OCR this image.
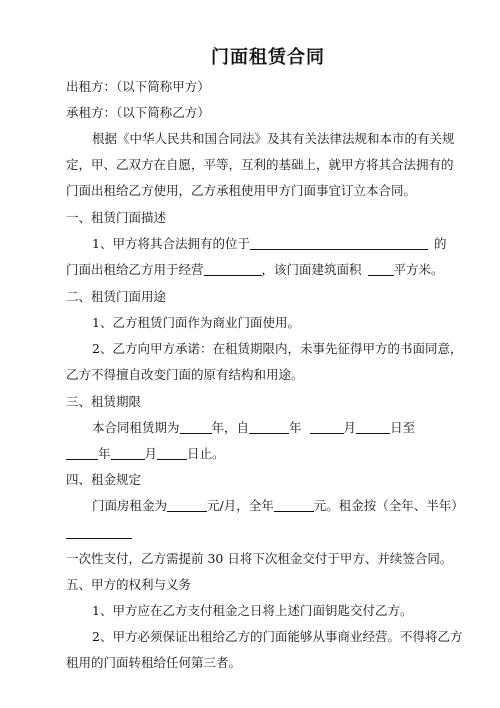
门面租赁合同
出租方：（以下简称甲方）
承租方：（以下简称乙方）
根据《中华人民共和国合同法》及其有关法律法规和本市的有关规
定，甲、乙双方在自愿，平等，互利的基础上，就甲方将其合法拥有的
门面出租给乙方使用，乙方承租使用甲方门面事宜订立本合同。
一、租赁门面描述
1、甲方将其合法拥有的位于	的
门面出租给乙方用于经营	，该门面建筑面积	平方米。
二、租赁门面用途
1、乙方租赁门面作为商业门面使用。
2、乙方向甲方承诺：在租赁期限内，未事先征得甲方的书面同意，
乙方不得擅自改变门面的原有结构和用途。
三、租赁期限
本合同租赁期为	年，自	年	月	日至
年	月 日止。
四、租金规定
门面房租金为	元/月，全年	元。租金按（全年、半年）
一次性支付，乙方需提前 30 日将下次租金交付于甲方、并续签合同。
五、甲方的权利与义务
1、甲方应在乙方支付租金之日将上述门面钥匙交付乙方。
2、甲方必须保证出租给乙方的门面能够从事商业经营。不得将乙方
租用的门面转租给任何第三者。
